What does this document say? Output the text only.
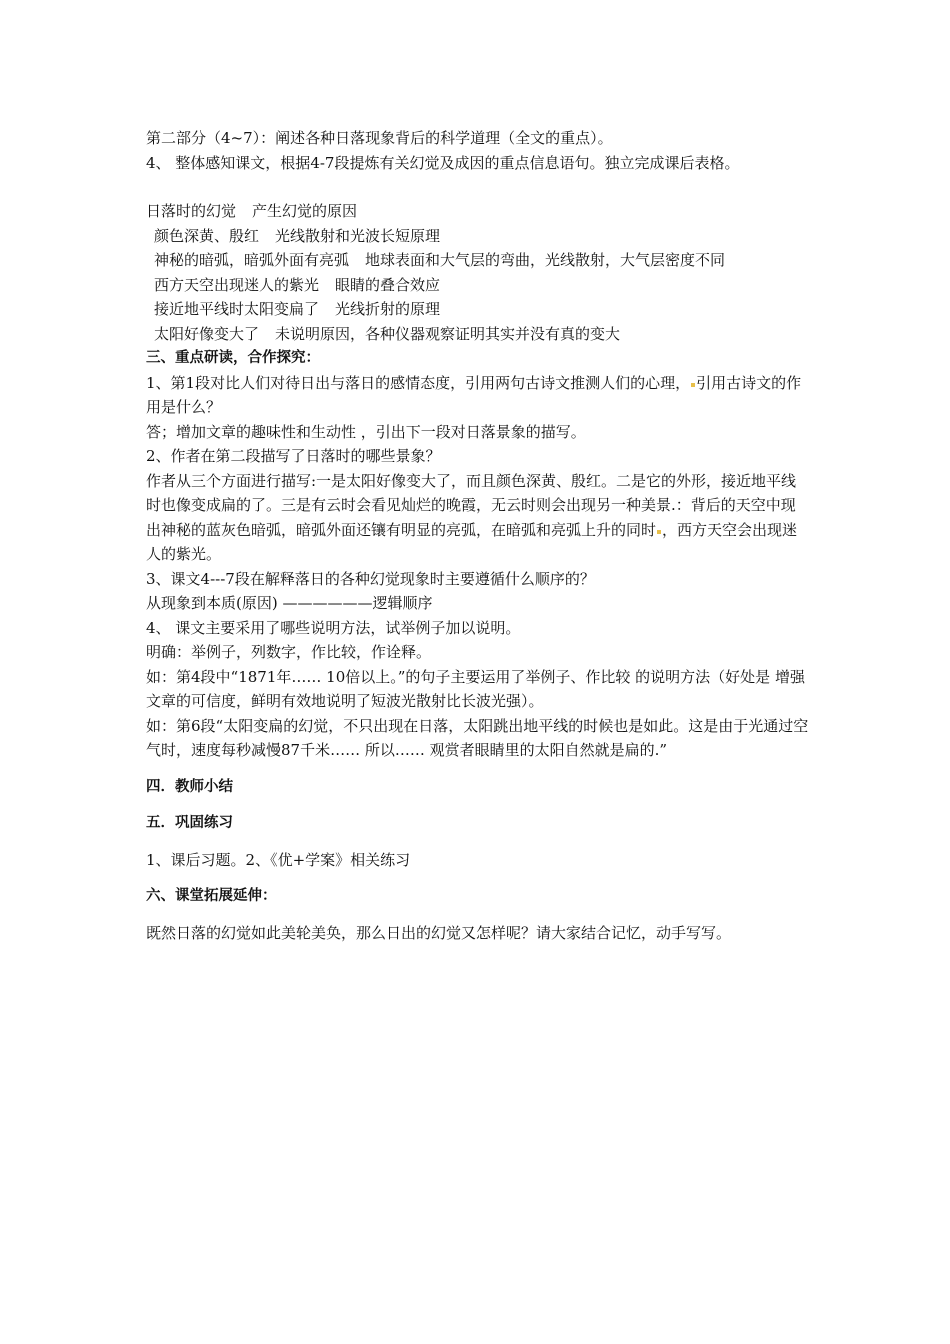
第二部分（4~7）：阐述各种日落现象背后的科学道理（全文的重点）。

4、 整体感知课文，根据4-7段提炼有关幻觉及成因的重点信息语句。独立完成课后表格。

日落时的幻觉 产生幻觉的原因

颜色深黄、殷红 光线散射和光波长短原理

神秘的暗弧，暗弧外面有亮弧 地球表面和大气层的弯曲，光线散射，大气层密度不同

西方天空出现迷人的紫光 眼睛的叠合效应

接近地平线时太阳变扁了 光线折射的原理

太阳好像变大了 未说明原因，各种仪器观察证明其实并没有真的变大

三、重点研读，合作探究：

1、第1段对比人们对待日出与落日的感情态度，引用两句古诗文推测人们的心理， 引用古诗文的作用是什么？

答；增加文章的趣味性和生动性 ，引出下一段对日落景象的描写。

2、作者在第二段描写了日落时的哪些景象？

作者从三个方面进行描写:一是太阳好像变大了，而且颜色深黄、殷红。二是它的外形，接近地平线时也像变成扁的了。三是有云时会看见灿烂的晚霞，无云时则会出现另一种美景.：背后的天空中现出神秘的蓝灰色暗弧，暗弧外面还镶有明显的亮弧，在暗弧和亮弧上升的同时 ，西方天空会出现迷人的紫光。

3、课文4---7段在解释落日的各种幻觉现象时主要遵循什么顺序的？

从现象到本质(原因) ——————逻辑顺序

4、 课文主要采用了哪些说明方法，试举例子加以说明。

明确：举例子，列数字，作比较，作诠释。

如：第4段中“1871年…… 10倍以上。”的句子主要运用了举例子、作比较 的说明方法（好处是 增强文章的可信度，鲜明有效地说明了短波光散射比长波光强）。

如：第6段“太阳变扁的幻觉，不只出现在日落，太阳跳出地平线的时候也是如此。这是由于光通过空气时，速度每秒减慢87千米…… 所以…… 观赏者眼睛里的太阳自然就是扁的.”

四．教师小结

五．巩固练习

1、课后习题。2、《优+学案》相关练习

六、课堂拓展延伸：

既然日落的幻觉如此美轮美奂，那么日出的幻觉又怎样呢？请大家结合记忆，动手写写。
